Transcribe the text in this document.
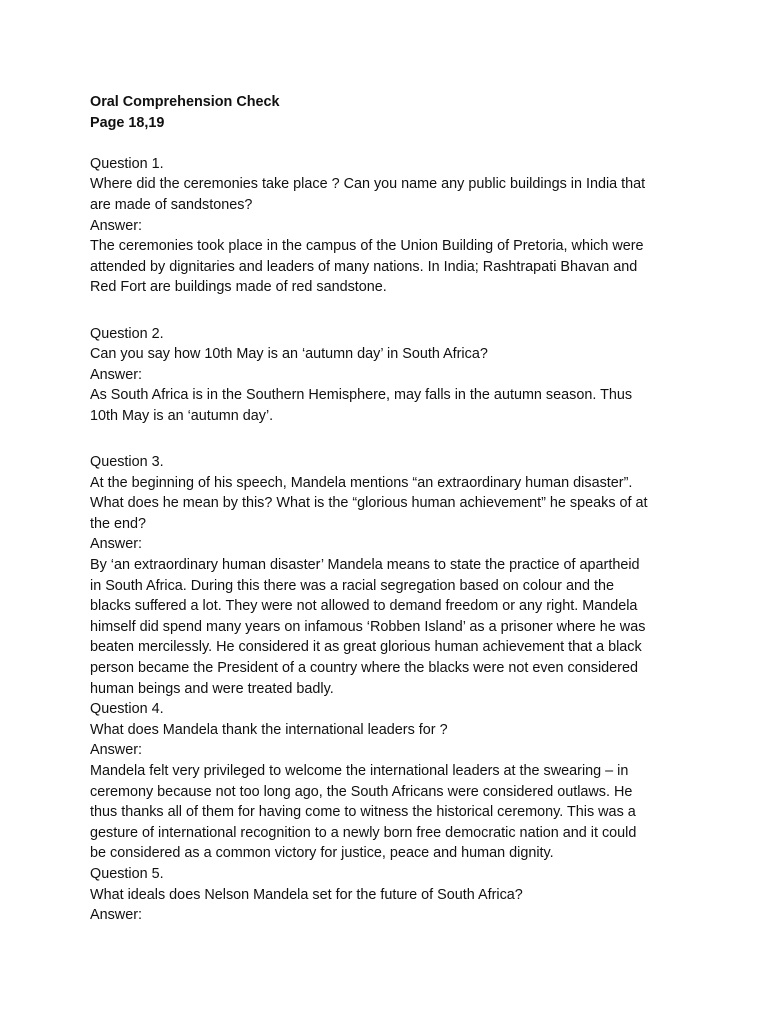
Oral Comprehension Check

Page 18,19

Question 1.

Where did the ceremonies take place ? Can you name any public buildings in India that

are made of sandstones?

Answer:

The ceremonies took place in the campus of the Union Building of Pretoria, which were

attended by dignitaries and leaders of many nations. In India; Rashtrapati Bhavan and

Red Fort are buildings made of red sandstone.

Question 2.

Can you say how 10th May is an ‘autumn day’ in South Africa?

Answer:

As South Africa is in the Southern Hemisphere, may falls in the autumn season. Thus

10th May is an ‘autumn day’.

Question 3.

At the beginning of his speech, Mandela mentions “an extraordinary human disaster”.

What does he mean by this? What is the “glorious human achievement” he speaks of at

the end?

Answer:

By ‘an extraordinary human disaster’ Mandela means to state the practice of apartheid

in South Africa. During this there was a racial segregation based on colour and the

blacks suffered a lot. They were not allowed to demand freedom or any right. Mandela

himself did spend many years on infamous ‘Robben Island’ as a prisoner where he was

beaten mercilessly. He considered it as great glorious human achievement that a black

person became the President of a country where the blacks were not even considered

human beings and were treated badly.

Question 4.

What does Mandela thank the international leaders for ?

Answer:

Mandela felt very privileged to welcome the international leaders at the swearing – in

ceremony because not too long ago, the South Africans were considered outlaws. He

thus thanks all of them for having come to witness the historical ceremony. This was a

gesture of international recognition to a newly born free democratic nation and it could

be considered as a common victory for justice, peace and human dignity.

Question 5.

What ideals does Nelson Mandela set for the future of South Africa?

Answer:
